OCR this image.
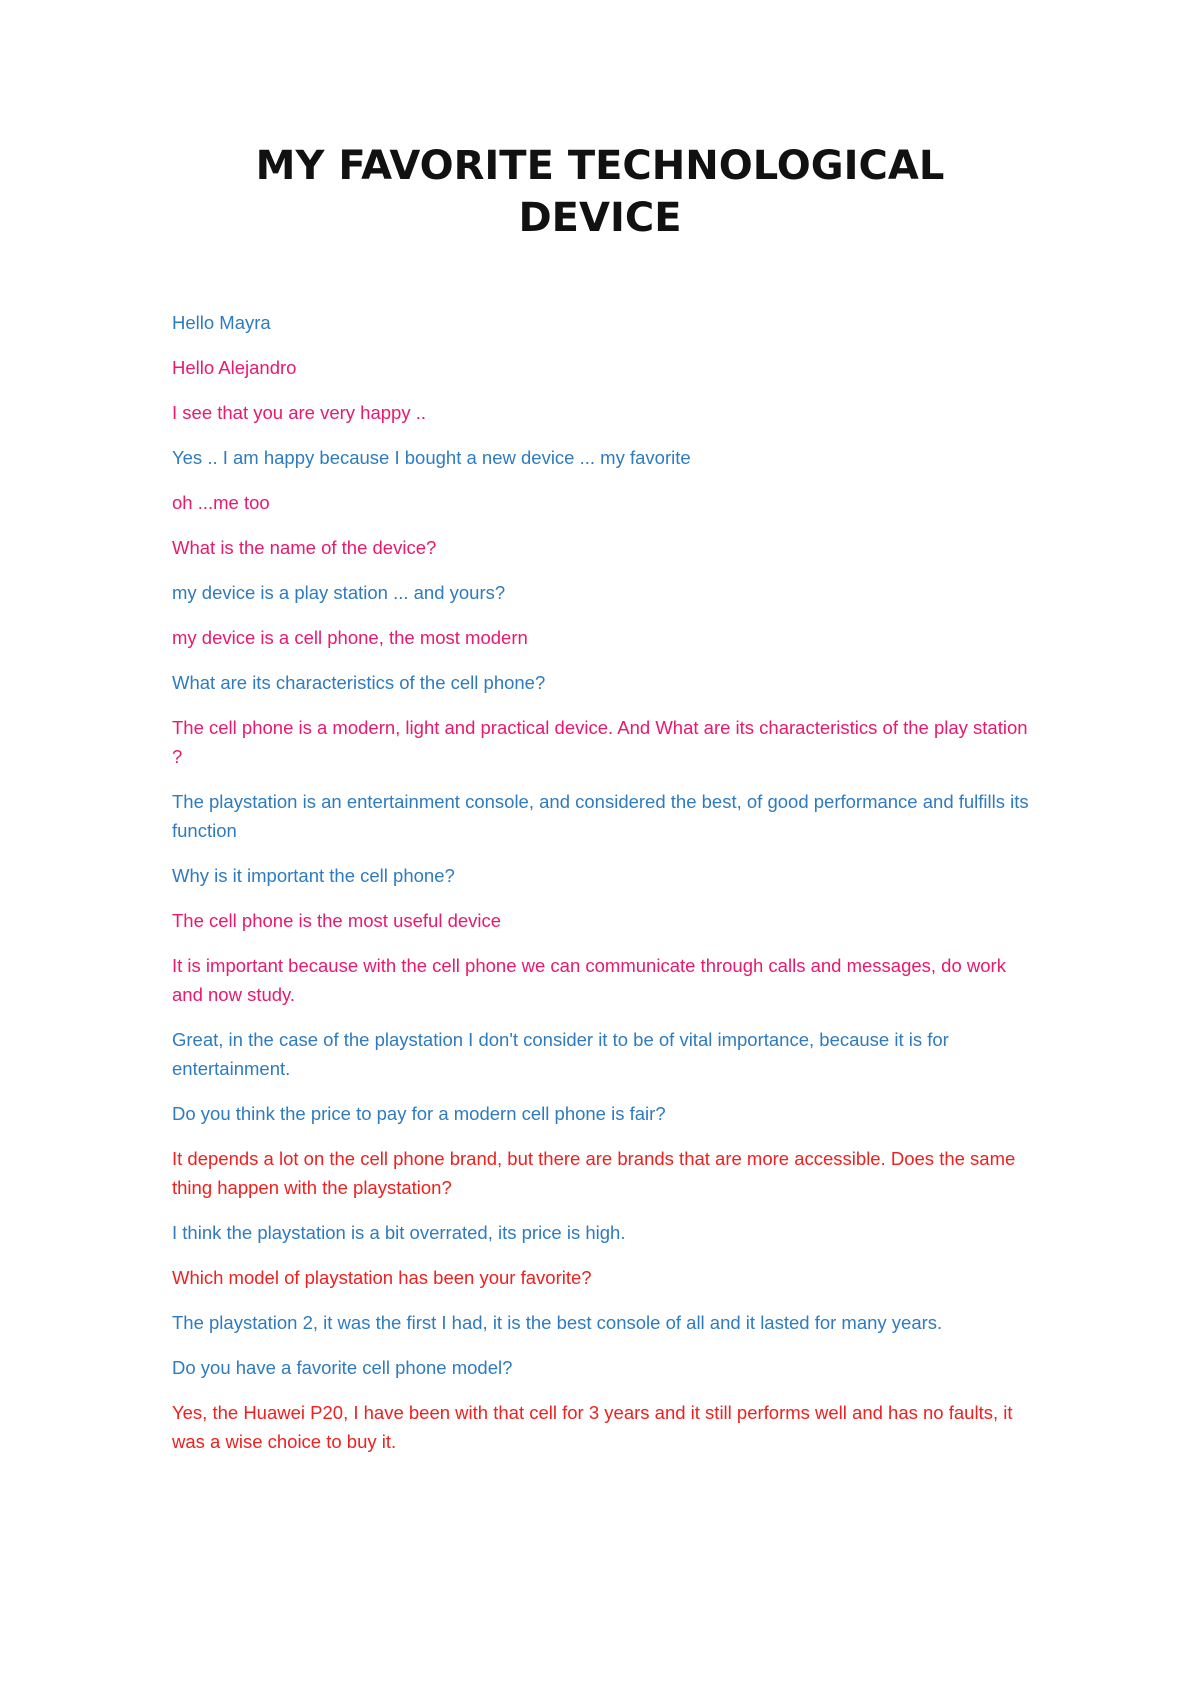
MY FAVORITE TECHNOLOGICAL
DEVICE

Hello Mayra

Hello Alejandro

I see that you are very happy ..

Yes .. I am happy because I bought a new device ... my favorite

oh ...me too

What is the name of the device?

my device is a play station ... and yours?

my device is a cell phone, the most modern

What are its characteristics of the cell phone?

The cell phone is a modern, light and practical device. And What are its characteristics of the play station ?

The playstation is an entertainment console, and considered the best, of good performance and fulfills its function

Why is it important the cell phone?

The cell phone is the most useful device

It is important because with the cell phone we can communicate through calls and messages, do work and now study.

Great, in the case of the playstation I don't consider it to be of vital importance, because it is for entertainment.

Do you think the price to pay for a modern cell phone is fair?

It depends a lot on the cell phone brand, but there are brands that are more accessible. Does the same thing happen with the playstation?

I think the playstation is a bit overrated, its price is high.

Which model of playstation has been your favorite?

The playstation 2, it was the first I had, it is the best console of all and it lasted for many years.

Do you have a favorite cell phone model?

Yes, the Huawei P20, I have been with that cell for 3 years and it still performs well and has no faults, it was a wise choice to buy it.
